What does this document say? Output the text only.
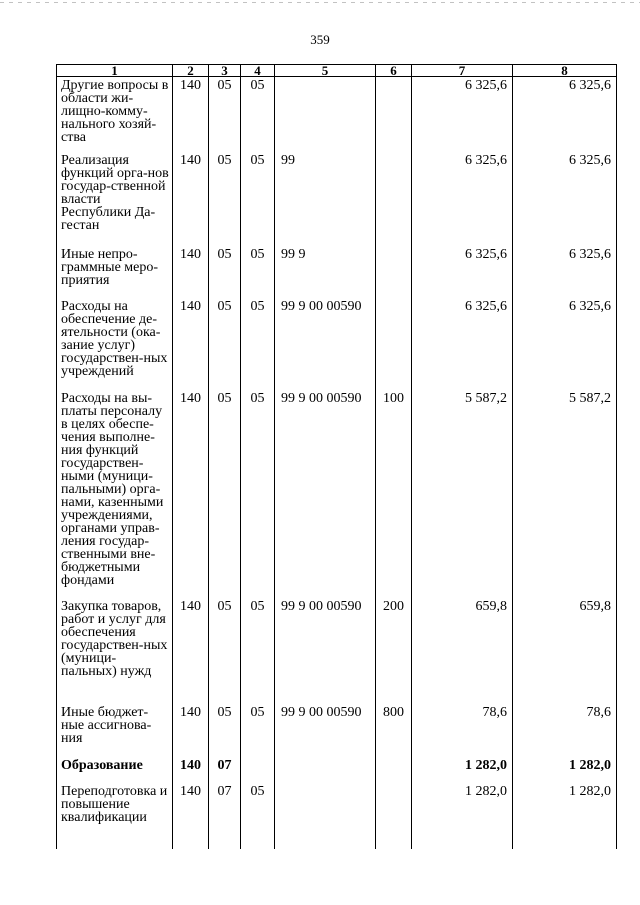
359
1	2	3	4	5	6	7	8
Другие вопросы в области жи-лищно-комму-нального хозяй-ства	140	05	05			6 325,6	6 325,6
Реализация функций орга-нов государ-ственной власти Республики Да-гестан	140	05	05	99		6 325,6	6 325,6
Иные непро-граммные меро-приятия	140	05	05	99 9		6 325,6	6 325,6
Расходы на обеспечение де-ятельности (ока-зание услуг) государствен-ных учреждений	140	05	05	99 9 00 00590		6 325,6	6 325,6
Расходы на вы-платы персоналу в целях обеспе-чения выполне-ния функций государствен-ными (муници-пальными) орга-нами, казенными учреждениями, органами управ-ления государ-ственными вне-бюджетными фондами	140	05	05	99 9 00 00590	100	5 587,2	5 587,2
Закупка товаров, работ и услуг для обеспечения государствен-ных (муници-пальных) нужд	140	05	05	99 9 00 00590	200	659,8	659,8
Иные бюджет-ные ассигнова-ния	140	05	05	99 9 00 00590	800	78,6	78,6
Образование	140	07				1 282,0	1 282,0
Переподготовка и повышение квалификации	140	07	05			1 282,0	1 282,0
